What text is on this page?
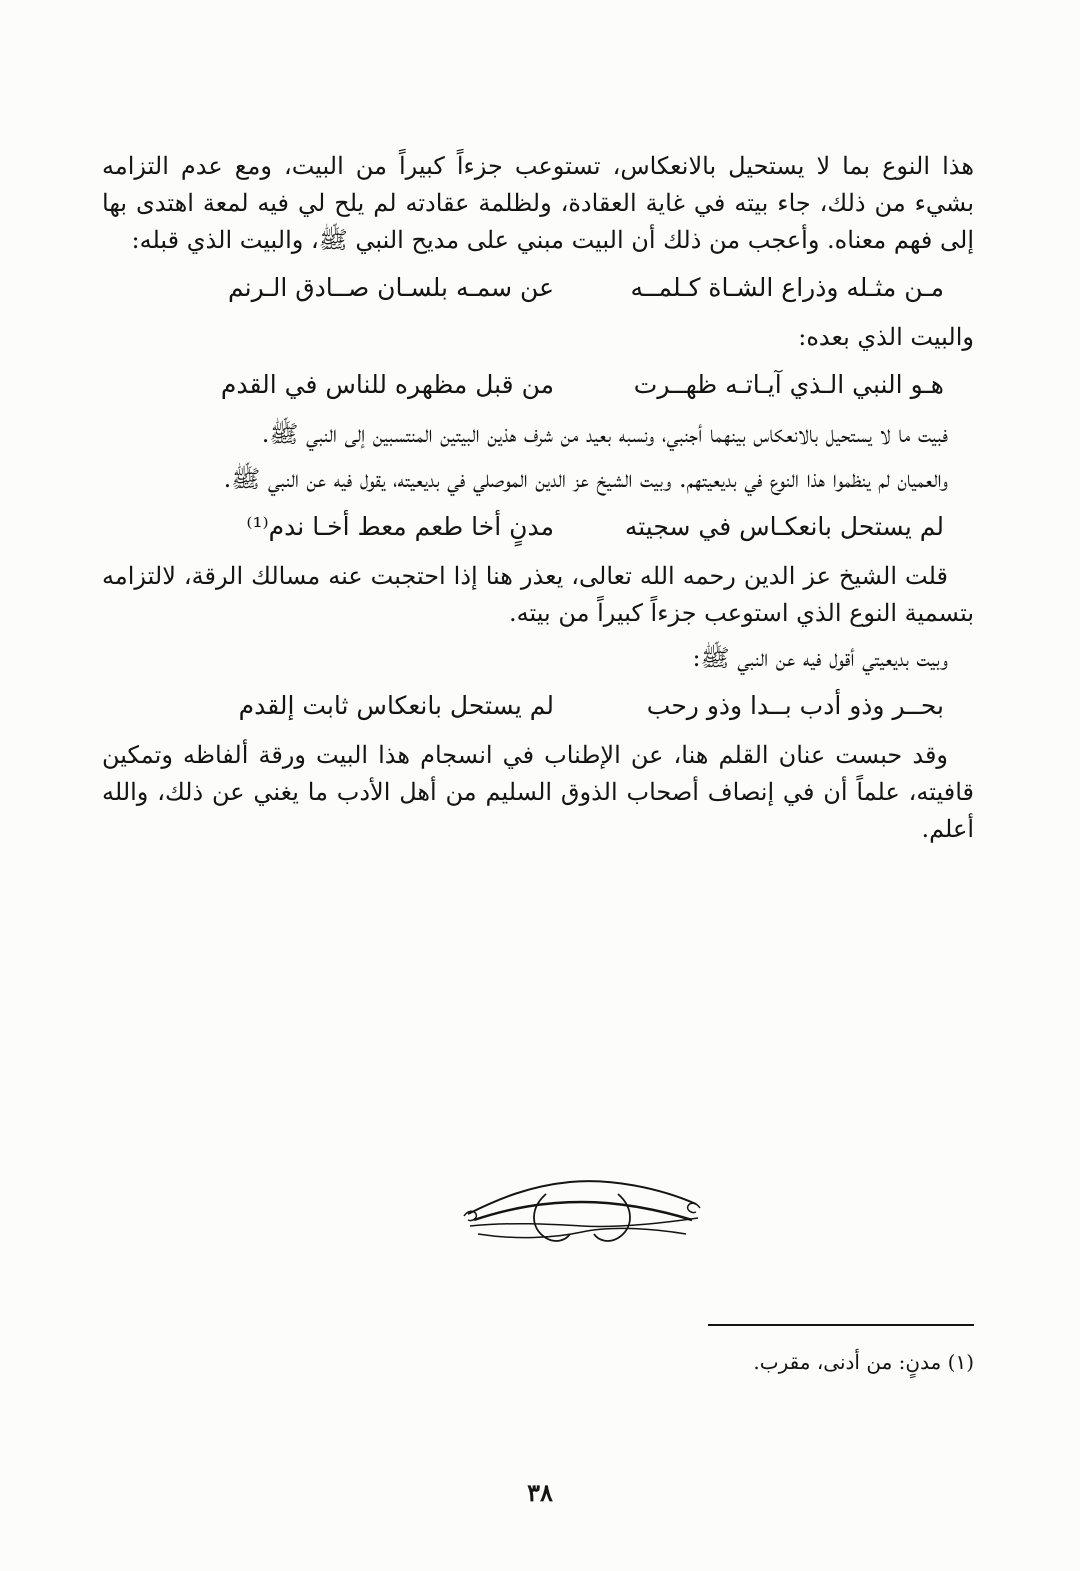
هذا النوع بما لا يستحيل بالانعكاس، تستوعب جزءاً كبيراً من البيت، ومع عدم التزامه بشيء من ذلك، جاء بيته في غاية العقادة، ولظلمة عقادته لم يلح لي فيه لمعة اهتدى بها إلى فهم معناه. وأعجب من ذلك أن البيت مبني على مديح النبي ﷺ، والبيت الذي قبله:

مـن مثـله وذراع الشـاة كـلمــه
عن سمـه بلسـان صــادق الـرنم

والبيت الذي بعده:

هـو النبي الـذي آيـاتـه ظهــرت
من قبل مظهره للناس في القدم

فبيت ما لا يستحيل بالانعكاس بينهما أجنبي، ونسبه بعيد من شرف هذين البيتين المنتسبين إلى النبي ﷺ.

والعميان لم ينظموا هذا النوع في بديعيتهم. وبيت الشيخ عز الدين الموصلي في بديعيته، يقول فيه عن النبي ﷺ.

لم يستحل بانعكـاس في سجيته
مدنٍ أخا طعم معط أخـا ندم⁽¹⁾

قلت الشيخ عز الدين رحمه الله تعالى، يعذر هنا إذا احتجبت عنه مسالك الرقة، لالتزامه بتسمية النوع الذي استوعب جزءاً كبيراً من بيته.

وبيت بديعيتي أقول فيه عن النبي ﷺ:

بحــر وذو أدب بــدا وذو رحب
لم يستحل بانعكاس ثابت إلقدم

وقد حبست عنان القلم هنا، عن الإطناب في انسجام هذا البيت ورقة ألفاظه وتمكين قافيته، علماً أن في إنصاف أصحاب الذوق السليم من أهل الأدب ما يغني عن ذلك، والله أعلم.

(١) مدنٍ: من أدنى، مقرب.
٣٨
